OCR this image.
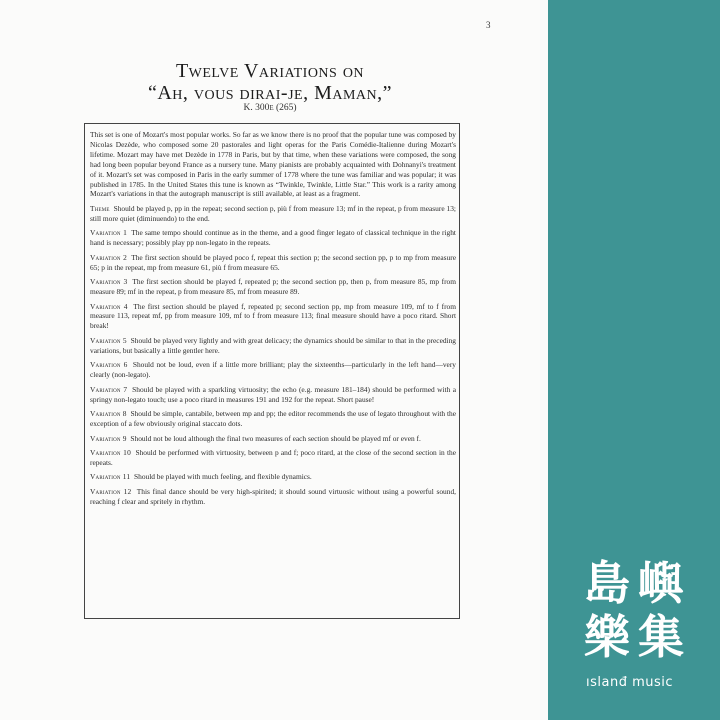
3
Twelve Variations on
“Ah, vous dirai-je, Maman,”
K. 300e (265)

This set is one of Mozart's most popular works. So far as we know there is no proof that the popular tune was composed by Nicolas Dezède, who composed some 20 pastorales and light operas for the Paris Comédie-Italienne during Mozart's lifetime. Mozart may have met Dezède in 1778 in Paris, but by that time, when these variations were composed, the song had long been popular beyond France as a nursery tune. Many pianists are probably acquainted with Dohnanyi's treatment of it. Mozart's set was composed in Paris in the early summer of 1778 where the tune was familiar and was popular; it was published in 1785. In the United States this tune is known as “Twinkle, Twinkle, Little Star.” This work is a rarity among Mozart's variations in that the autograph manuscript is still available, at least as a fragment.

Theme Should be played p, pp in the repeat; second section p, più f from measure 13; mf in the repeat, p from measure 13; still more quiet (diminuendo) to the end.

Variation 1 The same tempo should continue as in the theme, and a good finger legato of classical technique in the right hand is necessary; possibly play pp non-legato in the repeats.

Variation 2 The first section should be played poco f, repeat this section p; the second section pp, p to mp from measure 65; p in the repeat, mp from measure 61, più f from measure 65.

Variation 3 The first section should be played f, repeated p; the second section pp, then p, from measure 85, mp from measure 89; mf in the repeat, p from measure 85, mf from measure 89.

Variation 4 The first section should be played f, repeated p; second section pp, mp from measure 109, mf to f from measure 113, repeat mf, pp from measure 109, mf to f from measure 113; final measure should have a poco ritard. Short break!

Variation 5 Should be played very lightly and with great delicacy; the dynamics should be similar to that in the preceding variations, but basically a little gentler here.

Variation 6 Should not be loud, even if a little more brilliant; play the sixteenths—particularly in the left hand—very clearly (non-legato).

Variation 7 Should be played with a sparkling virtuosity; the echo (e.g. measure 181–184) should be performed with a springy non-legato touch; use a poco ritard in measures 191 and 192 for the repeat. Short pause!

Variation 8 Should be simple, cantabile, between mp and pp; the editor recommends the use of legato throughout with the exception of a few obviously original staccato dots.

Variation 9 Should not be loud although the final two measures of each section should be played mf or even f.

Variation 10 Should be performed with virtuosity, between p and f; poco ritard, at the close of the second section in the repeats.

Variation 11 Should be played with much feeling, and flexible dynamics.

Variation 12 This final dance should be very high-spirited; it should sound virtuosic without using a powerful sound, reaching f clear and spritely in rhythm.

島 嶼
樂 集
ıslanđ music
